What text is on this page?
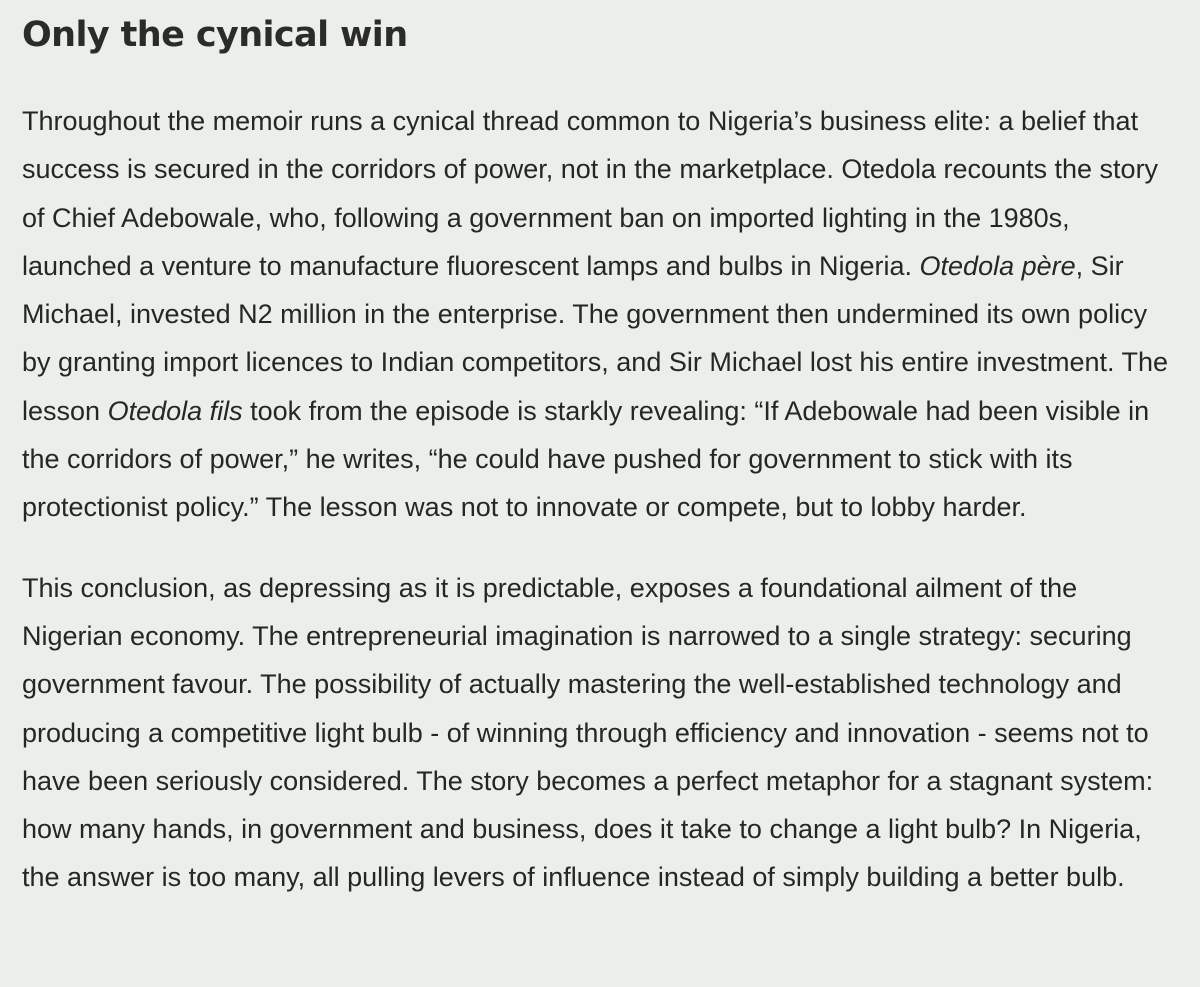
Only the cynical win

Throughout the memoir runs a cynical thread common to Nigeria’s business elite: a belief that success is secured in the corridors of power, not in the marketplace. Otedola recounts the story of Chief Adebowale, who, following a government ban on imported lighting in the 1980s, launched a venture to manufacture fluorescent lamps and bulbs in Nigeria. Otedola père, Sir Michael, invested N2 million in the enterprise. The government then undermined its own policy by granting import licences to Indian competitors, and Sir Michael lost his entire investment. The lesson Otedola fils took from the episode is starkly revealing: “If Adebowale had been visible in the corridors of power,” he writes, “he could have pushed for government to stick with its protectionist policy.” The lesson was not to innovate or compete, but to lobby harder.

This conclusion, as depressing as it is predictable, exposes a foundational ailment of the Nigerian economy. The entrepreneurial imagination is narrowed to a single strategy: securing government favour. The possibility of actually mastering the well-established technology and producing a competitive light bulb - of winning through efficiency and innovation - seems not to have been seriously considered. The story becomes a perfect metaphor for a stagnant system: how many hands, in government and business, does it take to change a light bulb? In Nigeria, the answer is too many, all pulling levers of influence instead of simply building a better bulb.
